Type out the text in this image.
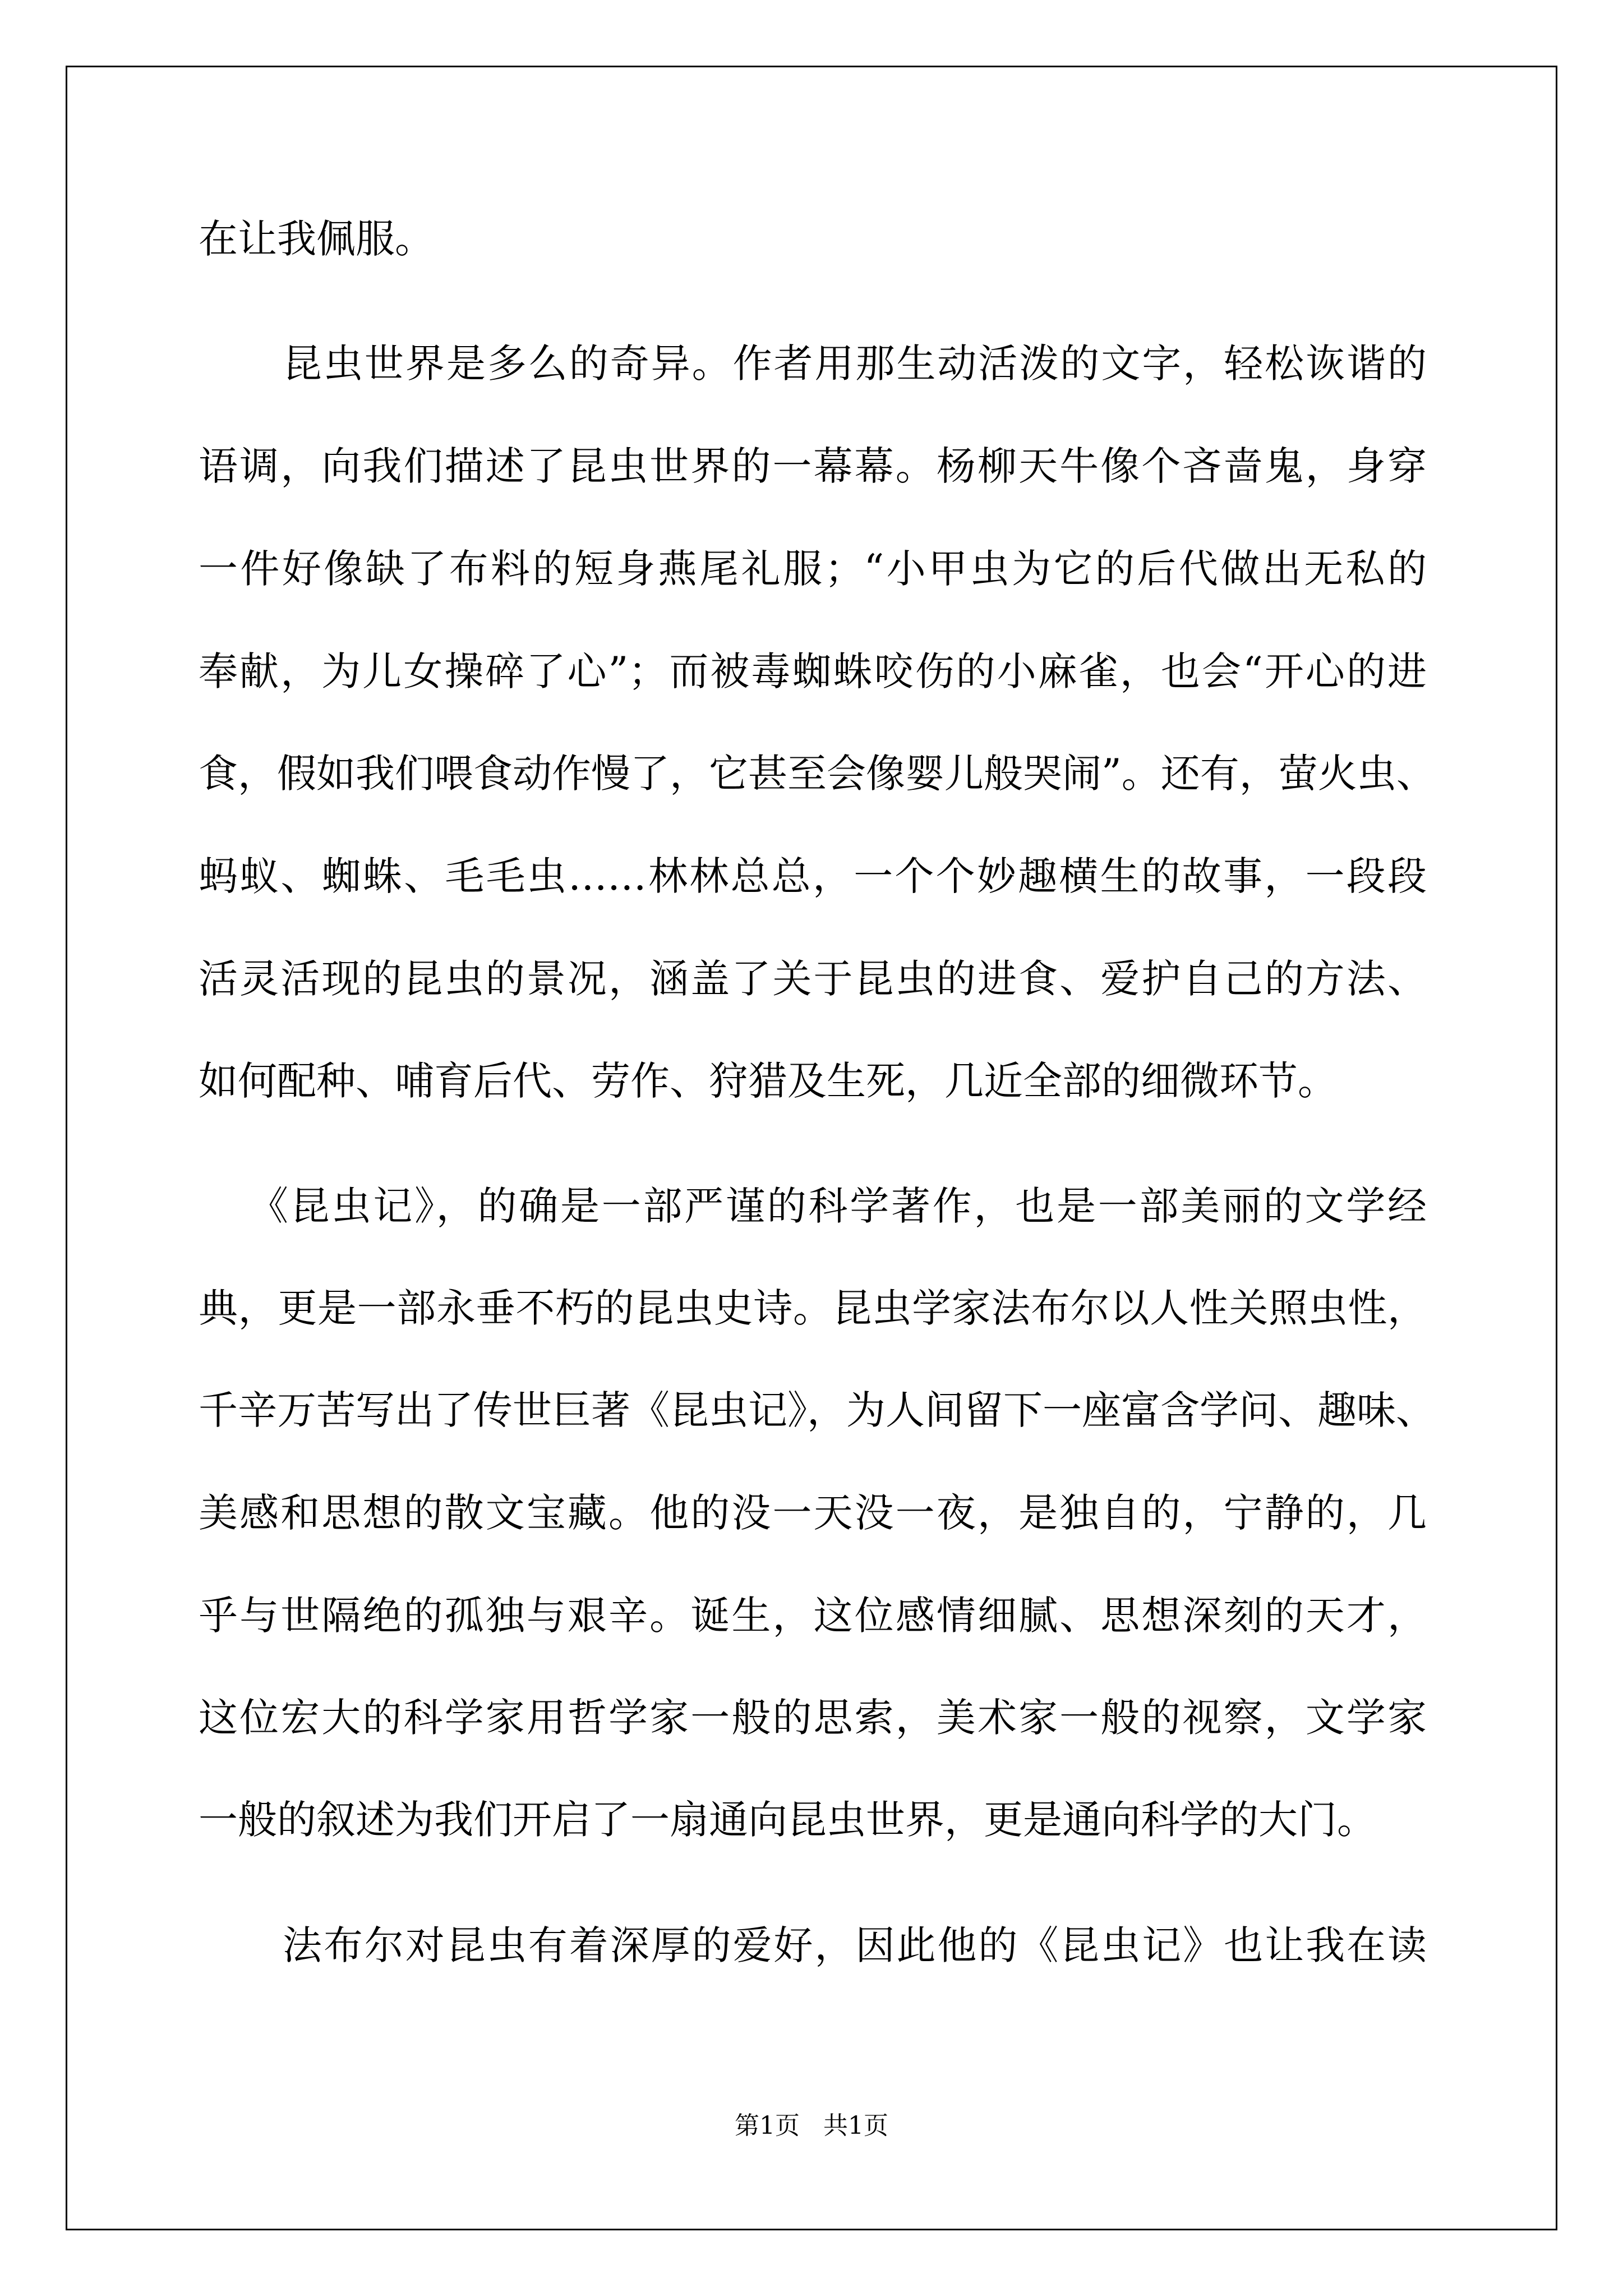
在让我佩服。
昆虫世界是多么的奇异。作者用那生动活泼的文字，轻松诙谐的
语调，向我们描述了昆虫世界的一幕幕。杨柳天牛像个吝啬鬼，身穿
一件好像缺了布料的短身燕尾礼服；“小甲虫为它的后代做出无私的
奉献，为儿女操碎了心”；而被毒蜘蛛咬伤的小麻雀，也会“开心的进
食，假如我们喂食动作慢了，它甚至会像婴儿般哭闹”。还有，萤火虫、
蚂蚁、蜘蛛、毛毛虫……林林总总，一个个妙趣横生的故事，一段段
活灵活现的昆虫的景况，涵盖了关于昆虫的进食、爱护自己的方法、
如何配种、哺育后代、劳作、狩猎及生死，几近全部的细微环节。
《昆虫记》，的确是一部严谨的科学著作，也是一部美丽的文学经
典，更是一部永垂不朽的昆虫史诗。昆虫学家法布尔以人性关照虫性，
千辛万苦写出了传世巨著《昆虫记》，为人间留下一座富含学问、趣味、
美感和思想的散文宝藏。他的没一天没一夜，是独自的，宁静的，几
乎与世隔绝的孤独与艰辛。诞生，这位感情细腻、思想深刻的天才，
这位宏大的科学家用哲学家一般的思索，美术家一般的视察，文学家
一般的叙述为我们开启了一扇通向昆虫世界，更是通向科学的大门。
法布尔对昆虫有着深厚的爱好，因此他的《昆虫记》也让我在读
第1页   共1页
